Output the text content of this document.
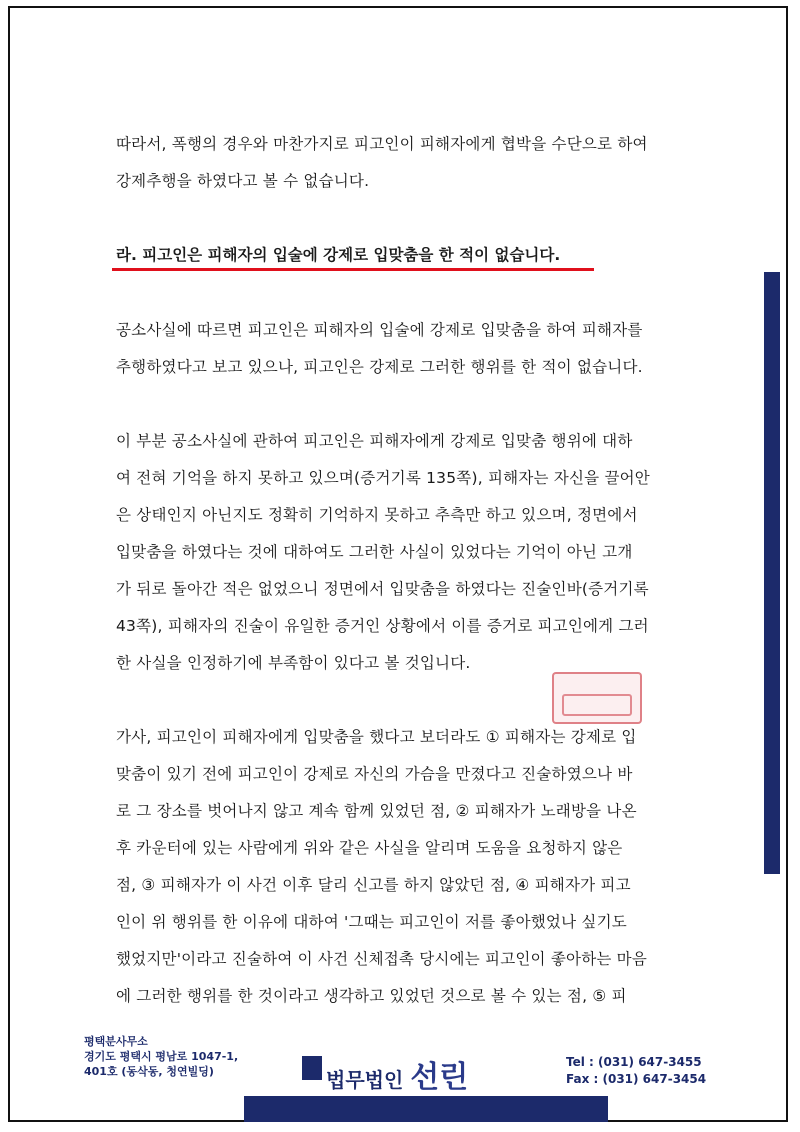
따라서, 폭행의 경우와 마찬가지로 피고인이 피해자에게 협박을 수단으로 하여
강제추행을 하였다고 볼 수 없습니다.
라. 피고인은 피해자의 입술에 강제로 입맞춤을 한 적이 없습니다.
공소사실에 따르면 피고인은 피해자의 입술에 강제로 입맞춤을 하여 피해자를
추행하였다고 보고 있으나, 피고인은 강제로 그러한 행위를 한 적이 없습니다.
이 부분 공소사실에 관하여 피고인은 피해자에게 강제로 입맞춤 행위에 대하
여 전혀 기억을 하지 못하고 있으며(증거기록 135쪽), 피해자는 자신을 끌어안
은 상태인지 아닌지도 정확히 기억하지 못하고 추측만 하고 있으며, 정면에서
입맞춤을 하였다는 것에 대하여도 그러한 사실이 있었다는 기억이 아닌 고개
가 뒤로 돌아간 적은 없었으니 정면에서 입맞춤을 하였다는 진술인바(증거기록
43쪽), 피해자의 진술이 유일한 증거인 상황에서 이를 증거로 피고인에게 그러
한 사실을 인정하기에 부족함이 있다고 볼 것입니다.
가사, 피고인이 피해자에게 입맞춤을 했다고 보더라도 ① 피해자는 강제로 입
맞춤이 있기 전에 피고인이 강제로 자신의 가슴을 만졌다고 진술하였으나 바
로 그 장소를 벗어나지 않고 계속 함께 있었던 점, ② 피해자가 노래방을 나온
후 카운터에 있는 사람에게 위와 같은 사실을 알리며 도움을 요청하지 않은
점, ③ 피해자가 이 사건 이후 달리 신고를 하지 않았던 점, ④ 피해자가 피고
인이 위 행위를 한 이유에 대하여 '그때는 피고인이 저를 좋아했었나 싶기도
했었지만'이라고 진술하여 이 사건 신체접촉 당시에는 피고인이 좋아하는 마음
에 그러한 행위를 한 것이라고 생각하고 있었던 것으로 볼 수 있는 점, ⑤ 피
평택분사무소
경기도 평택시 평남로 1047-1,
401호 (동삭동, 청연빌딩)	법무법인 선린	Tel : (031) 647-3455
Fax : (031) 647-3454
